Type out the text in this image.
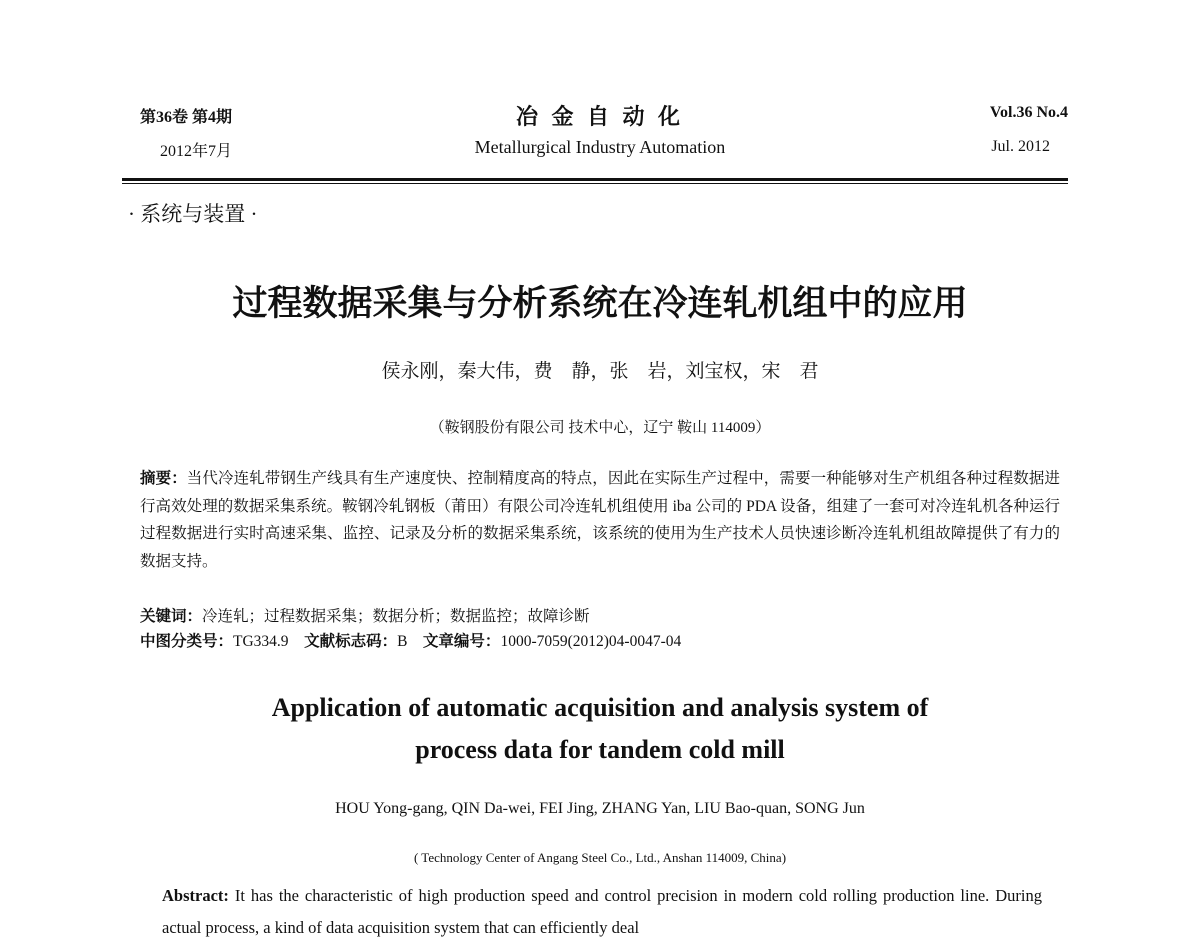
第36卷 第4期
2012年7月
冶 金 自 动 化
Metallurgical Industry Automation
Vol.36 No.4
Jul. 2012
· 系统与装置 ·
过程数据采集与分析系统在冷连轧机组中的应用
侯永刚，秦大伟，费　静，张　岩，刘宝权，宋　君
（鞍钢股份有限公司 技术中心，辽宁 鞍山 114009）
摘要：当代冷连轧带钢生产线具有生产速度快、控制精度高的特点，因此在实际生产过程中，需要一种能够对生产机组各种过程数据进行高效处理的数据采集系统。鞍钢冷轧钢板（莆田）有限公司冷连轧机组使用 iba 公司的 PDA 设备，组建了一套可对冷连轧机各种运行过程数据进行实时高速采集、监控、记录及分析的数据采集系统，该系统的使用为生产技术人员快速诊断冷连轧机组故障提供了有力的数据支持。
关键词：冷连轧；过程数据采集；数据分析；数据监控；故障诊断
中图分类号：TG334.9 文献标志码：B 文章编号：1000-7059(2012)04-0047-04
Application of automatic acquisition and analysis system of
process data for tandem cold mill
HOU Yong-gang, QIN Da-wei, FEI Jing, ZHANG Yan, LIU Bao-quan, SONG Jun
( Technology Center of Angang Steel Co., Ltd., Anshan 114009, China)
Abstract: It has the characteristic of high production speed and control precision in modern cold rolling production line. During actual process, a kind of data acquisition system that can efficiently deal
